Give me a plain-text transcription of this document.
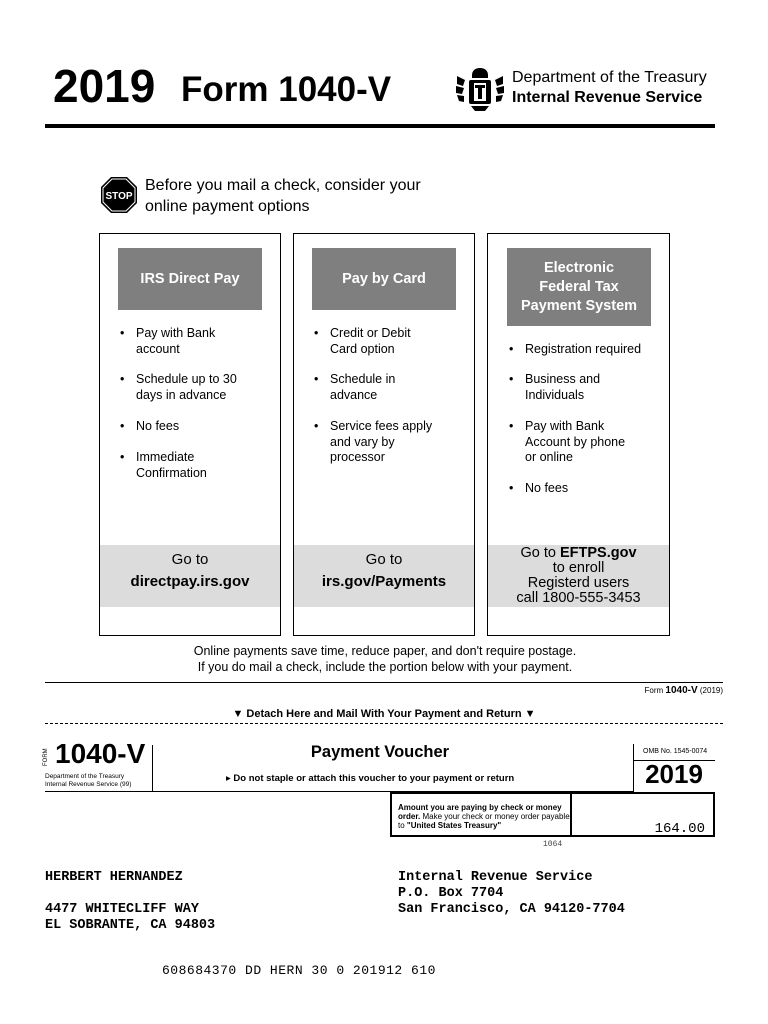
2019 Form 1040-V	Department of the Treasury
Internal Revenue Service
STOP
Before you mail a check, consider your
online payment options
IRS Direct Pay
• Pay with Bank
account
• Schedule up to 30
days in advance
• No fees
• Immediate
Confirmation
Go to
directpay.irs.gov
Pay by Card
• Credit or Debit
Card option
• Schedule in
advance
• Service fees apply
and vary by
processor
Go to
irs.gov/Payments
Electronic
Federal Tax
Payment System
• Registration required
• Business and
Individuals
• Pay with Bank
Account by phone
or online
• No fees
Go to EFTPS.gov
to enroll
Registerd users
call 1800-555-3453
Online payments save time, reduce paper, and don't require postage.
If you do mail a check, include the portion below with your payment.
Form 1040-V (2019)
▼ Detach Here and Mail With Your Payment and Return ▼
FORM 1040-V
Department of the Treasury
Internal Revenue Service (99)
Payment Voucher
▸ Do not staple or attach this voucher to your payment or return
OMB No. 1545-0074
2019
Amount you are paying by check or money order. Make your check or money order payable to "United States Treasury"	164.00
1064
HERBERT HERNANDEZ
4477 WHITECLIFF WAY
EL SOBRANTE, CA 94803
Internal Revenue Service
P.O. Box 7704
San Francisco, CA 94120-7704
608684370 DD HERN 30 0 201912 610
